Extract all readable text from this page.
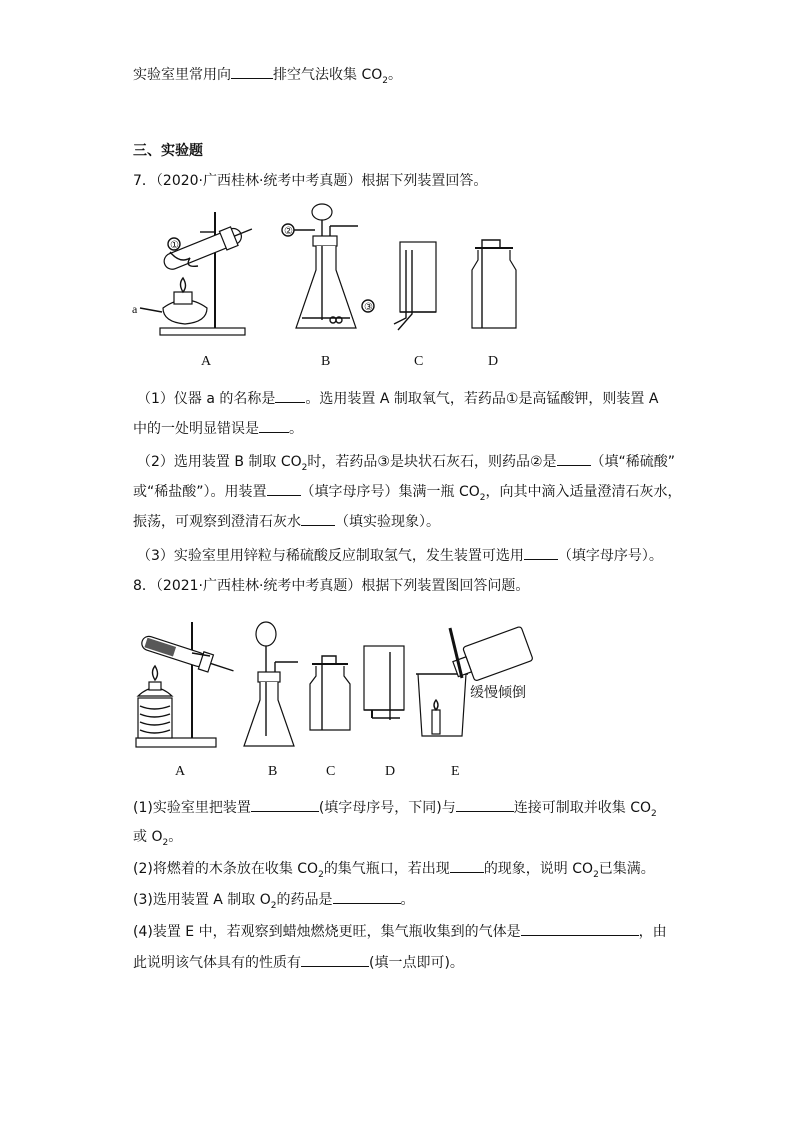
实验室里常用向	排空气法收集 $CO_2$。
三、实验题
7．（2020·广西桂林·统考中考真题）根据下列装置回答。
①
a
②
③
A	B	C	D
（1）仪器 a 的名称是 。选用装置 A 制取氧气，若药品①是高锰酸钾，则装置 A
中的一处明显错误是 。
（2）选用装置 B 制取 $CO_2$时，若药品③是块状石灰石，则药品②是 （填“稀硫酸”
或“稀盐酸”）。用装置 （填字母序号）集满一瓶 $CO_2$，向其中滴入适量澄清石灰水，
振荡，可观察到澄清石灰水 （填实验现象）。
（3）实验室里用锌粒与稀硫酸反应制取氢气，发生装置可选用 （填字母序号）。
8．（2021·广西桂林·统考中考真题）根据下列装置图回答问题。
缓慢倾倒
A	B	C	D	E
(1)实验室里把装置	(填字母序号，下同)与	连接可制取并收集 $CO_2$
或 $O_2$。
(2)将燃着的木条放在收集 $CO_2$的集气瓶口，若出现 的现象，说明 $CO_2$已集满。
(3)选用装置 A 制取 $O_2$的药品是	。
(4)装置 E 中，若观察到蜡烛燃烧更旺，集气瓶收集到的气体是	，由
此说明该气体具有的性质有	(填一点即可)。
